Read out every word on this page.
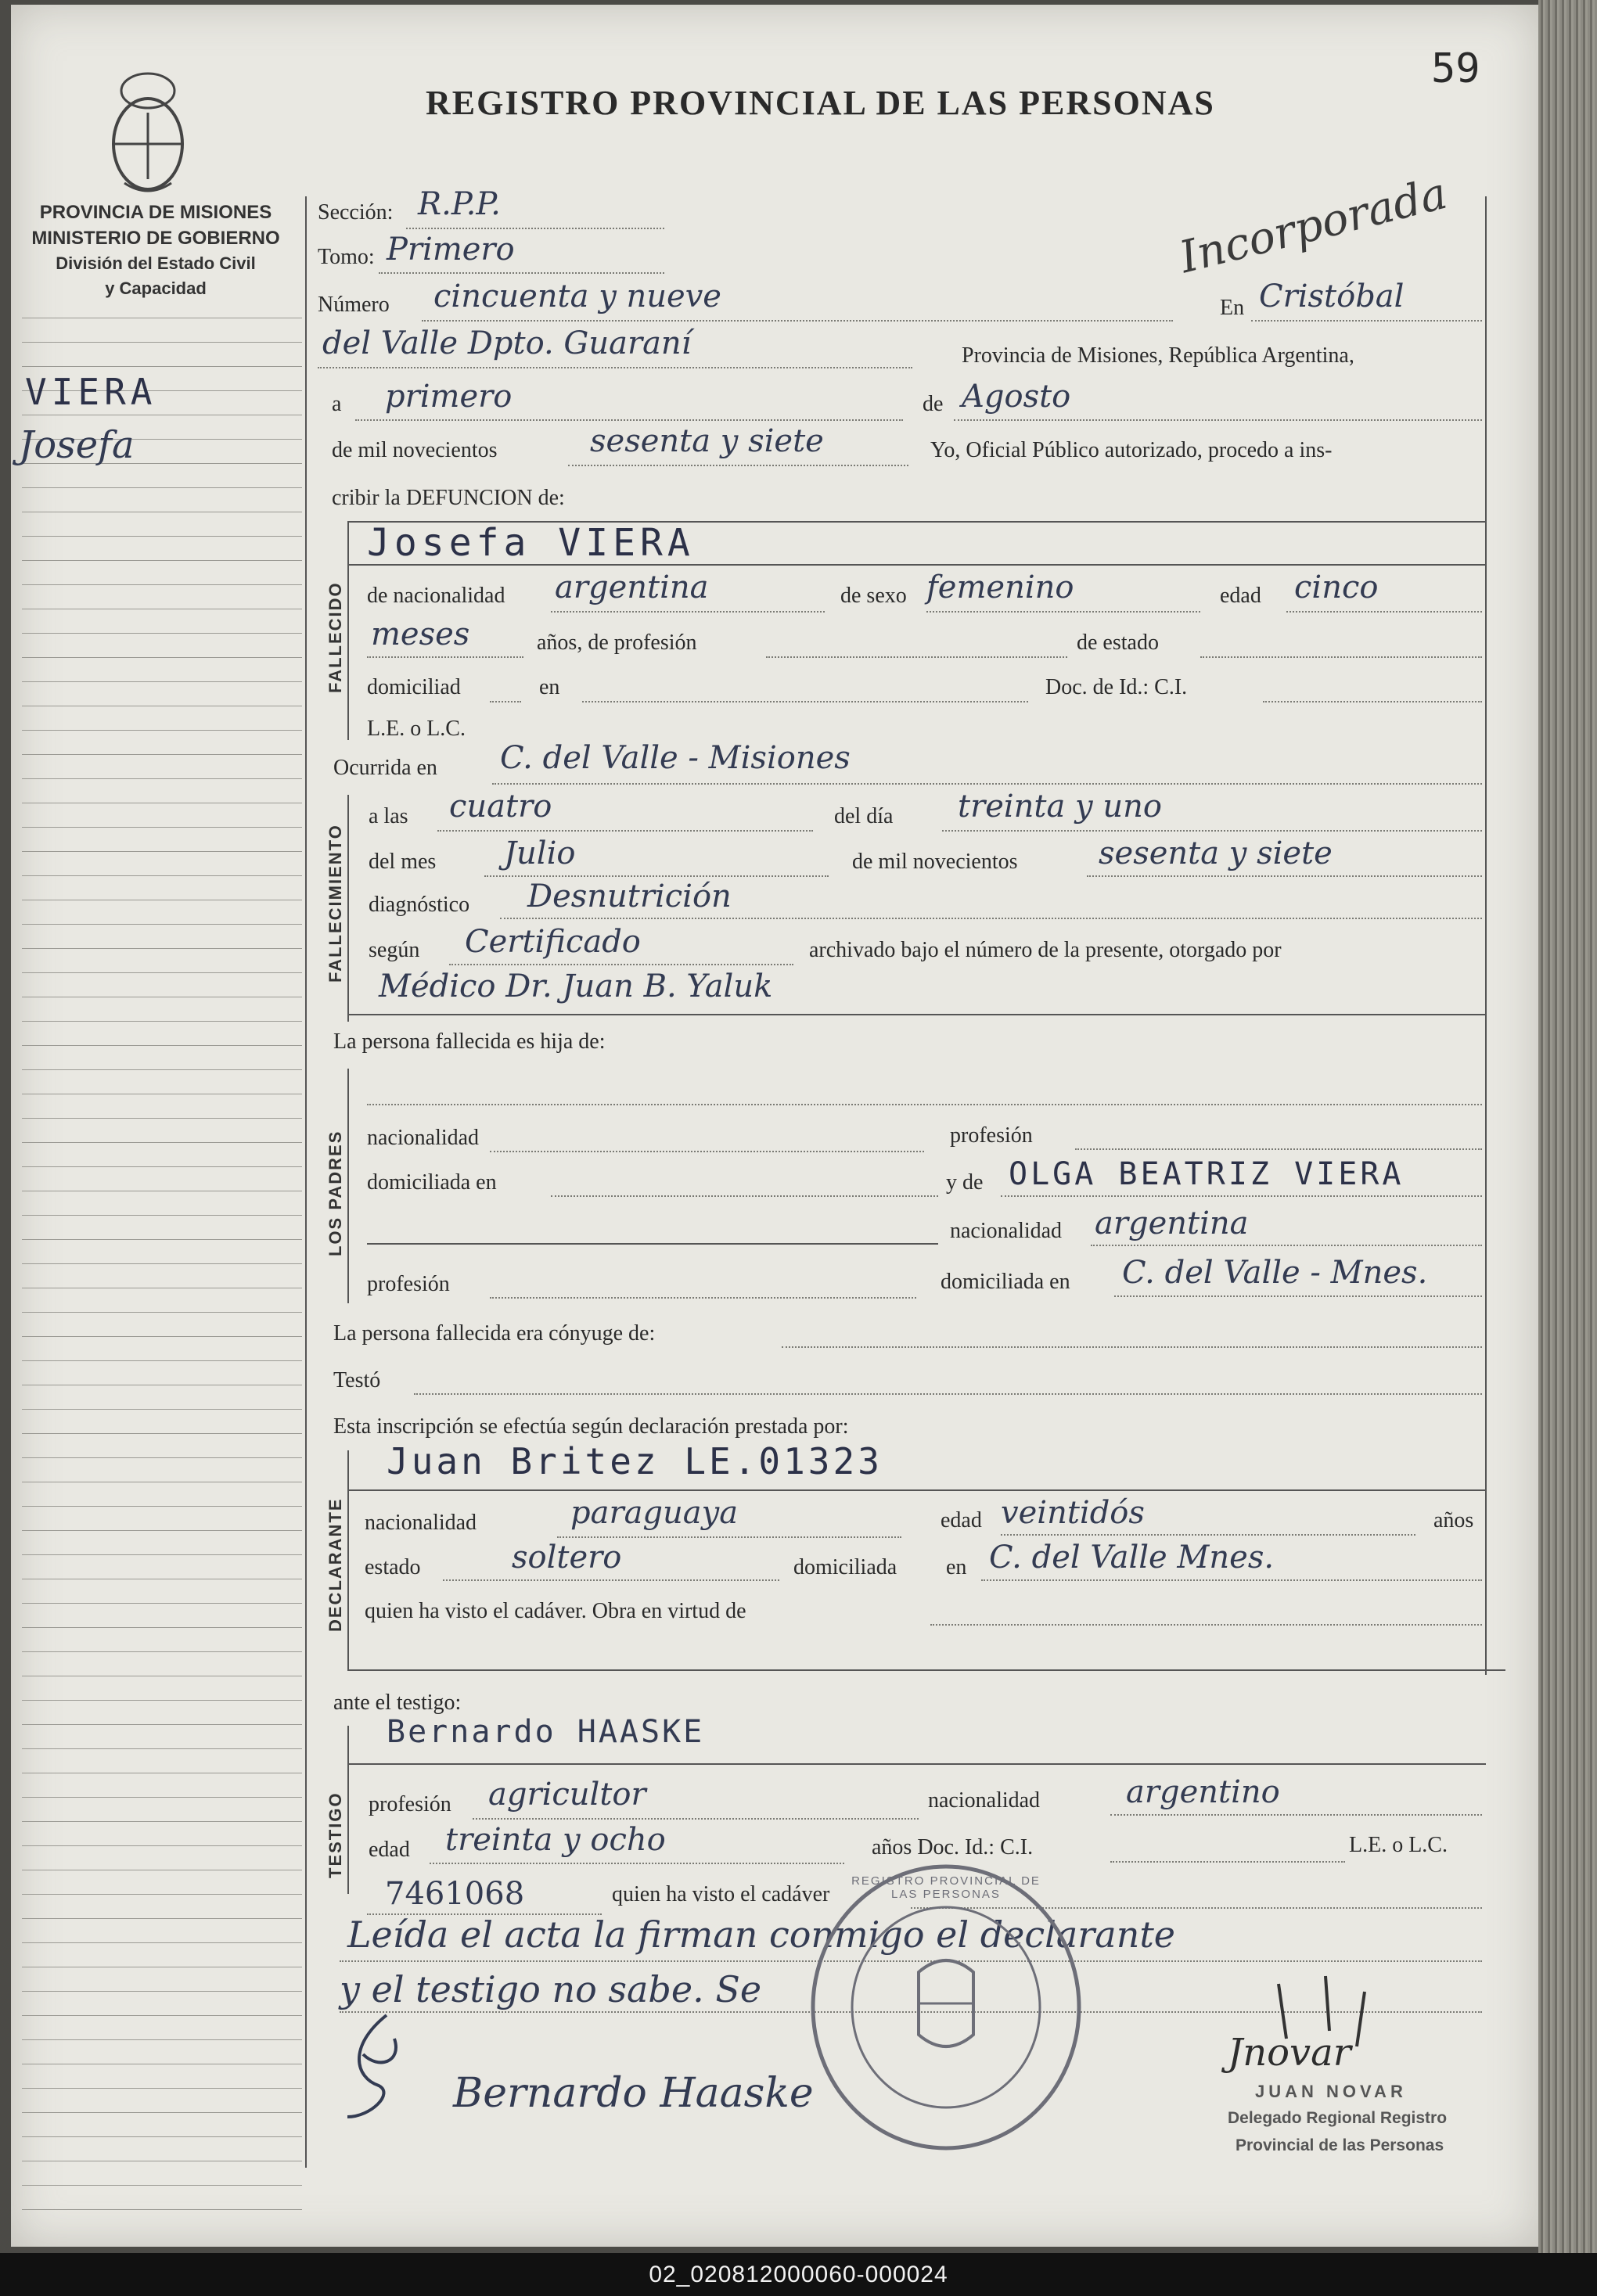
PROVINCIA DE MISIONES
MINISTERIO DE GOBIERNO
División del Estado Civil
y Capacidad
REGISTRO PROVINCIAL DE LAS PERSONAS
59
Incorporada
VIERA
Josefa
Sección: R.P.P.
Tomo: Primero
Número cincuenta y nueve	En Cristóbal
del Valle Dpto. Guaraní	Provincia de Misiones, República Argentina,
a primero	de Agosto
de mil novecientos	sesenta y siete	Yo, Oficial Público autorizado, procedo a ins-
cribir la DEFUNCION de:
FALLECIDO
Josefa VIERA
de nacionalidad argentina	de sexo femenino	edad cinco
meses	años, de profesión	de estado
domiciliad	en	Doc. de Id.: C.I.
L.E. o L.C.
Ocurrida en C. del Valle - Misiones
FALLECIMIENTO
a las cuatro	del día treinta y uno
del mes Julio	de mil novecientos	sesenta y siete
diagnóstico Desnutrición
según Certificado	archivado bajo el número de la presente, otorgado por
Médico Dr. Juan B. Yaluk
La persona fallecida es hija de:
LOS PADRES nacionalidad	profesión
domiciliada en	y de OLGA BEATRIZ VIERA
nacionalidad argentina
profesión	domiciliada en C. del Valle - Mnes.
La persona fallecida era cónyuge de:
Testó
Esta inscripción se efectúa según declaración prestada por:
DECLARANTE
Juan Britez LE.01323
nacionalidad	paraguaya	edad veintidós	años
estado	soltero	domiciliada en C. del Valle Mnes.
quien ha visto el cadáver. Obra en virtud de
ante el testigo:
TESTIGO
Bernardo HAASKE
profesión agricultor	nacionalidad	argentino
edad treinta y ocho	años Doc. Id.: C.I.	L.E. o L.C.
7461068	quien ha visto el cadáver
Leída el acta la firman conmigo el declarante
y el testigo no sabe. Se
Bernardo Haaske
REGISTRO PROVINCIAL DE LAS PERSONAS
Jnovar
JUAN NOVAR
Delegado Regional Registro
Provincial de las Personas
02_020812000060-000024
